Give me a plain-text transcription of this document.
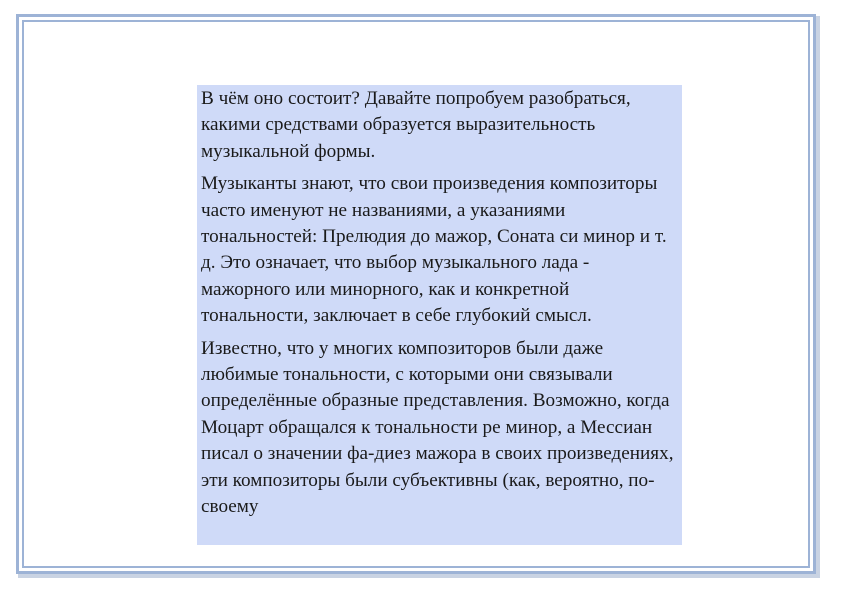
В чём оно состоит? Давайте попробуем разобраться, какими средствами образуется выразительность музыкальной формы.

Музыканты знают, что свои произведения композиторы часто именуют не названиями, а указаниями тональностей: Прелюдия до мажор, Соната си минор и т. д. Это означает, что выбор музыкального лада - мажорного или минорного, как и конкретной тональности, заключает в себе глубокий смысл.

Известно, что у многих композиторов были даже любимые тональности, с которыми они связывали определённые образные представления. Возможно, когда Моцарт обращался к тональности ре минор, а Мессиан писал о значении фа-диез мажора в своих произведениях, эти композиторы были субъективны (как, вероятно, по-своему
